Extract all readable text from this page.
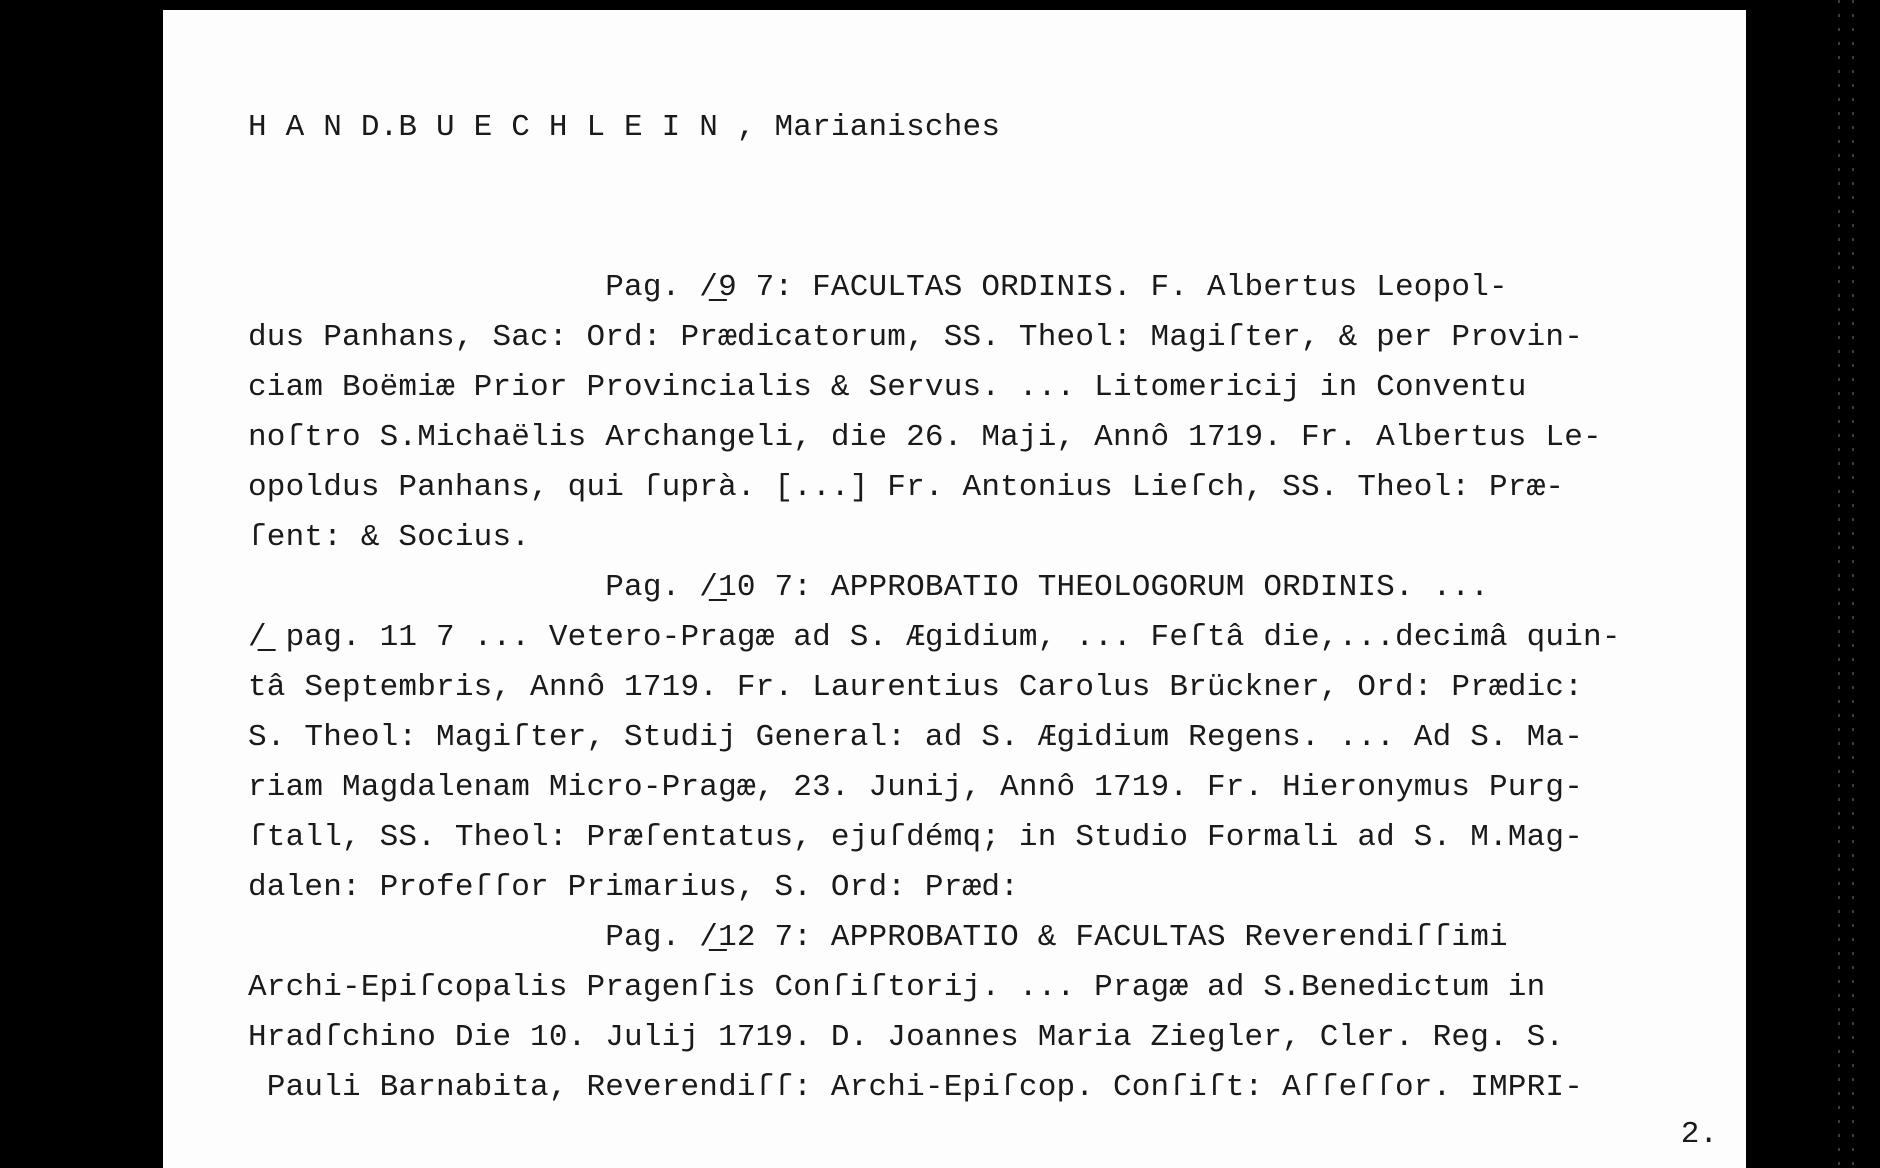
H A N D.B U E C H L E I N , Marianisches
Pag. /̲9 7: FACULTAS ORDINIS. F. Albertus Leopol-
dus Panhans, Sac: Ord: Prædicatorum, SS. Theol: Magiſter, & per Provin-
ciam Boëmiæ Prior Provincialis & Servus. ... Litomericij in Conventu
noſtro S.Michaëlis Archangeli, die 26. Maji, Annô 1719. Fr. Albertus Le-
opoldus Panhans, qui ſuprà. [...] Fr. Antonius Lieſch, SS. Theol: Præ-
ſent: & Socius.
Pag. /̲10 7: APPROBATIO THEOLOGORUM ORDINIS. ...
/̲ pag. 11 7 ... Vetero-Pragæ ad S. Ægidium, ... Feſtâ die,...decimâ quin-
tâ Septembris, Annô 1719. Fr. Laurentius Carolus Brückner, Ord: Prædic:
S. Theol: Magiſter, Studij General: ad S. Ægidium Regens. ... Ad S. Ma-
riam Magdalenam Micro-Pragæ, 23. Junij, Annô 1719. Fr. Hieronymus Purg-
ſtall, SS. Theol: Præſentatus, ejuſdémq; in Studio Formali ad S. M.Mag-
dalen: Profeſſor Primarius, S. Ord: Præd:
Pag. /̲12 7: APPROBATIO & FACULTAS Reverendiſſimi
Archi-Epiſcopalis Pragenſis Conſiſtorij. ... Pragæ ad S.Benedictum in
Hradſchino Die 10. Julij 1719. D. Joannes Maria Ziegler, Cler. Reg. S.
Pauli Barnabita, Reverendiſſ: Archi-Epiſcop. Conſiſt: Aſſeſſor. IMPRI-
2.
